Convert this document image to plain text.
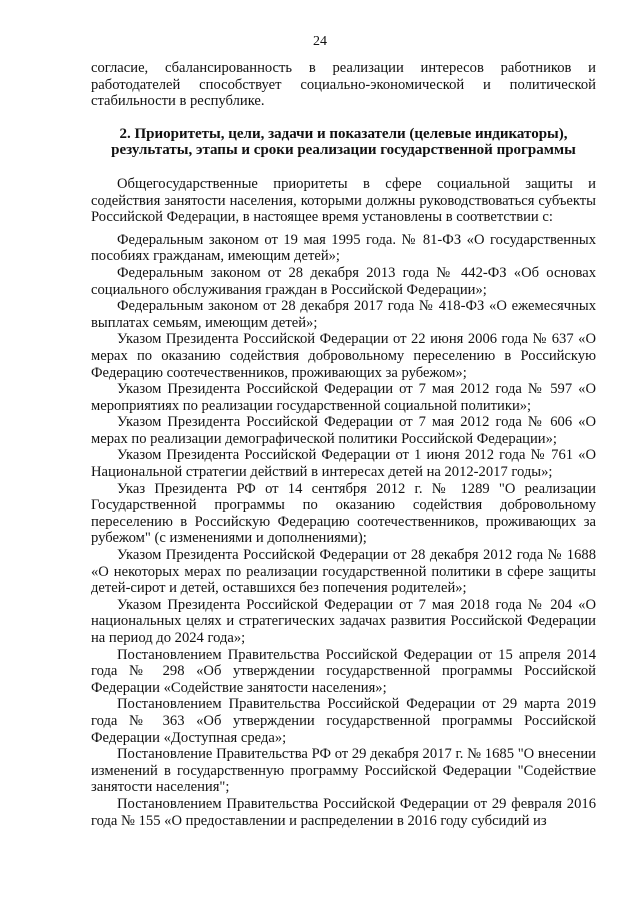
24

согласие, сбалансированность в реализации интересов работников и работодателей способствует социально-экономической и политической стабильности в республике.

2. Приоритеты, цели, задачи и показатели (целевые индикаторы),
результаты, этапы и сроки реализации государственной программы

Общегосударственные приоритеты в сфере социальной защиты и содействия занятости населения, которыми должны руководствоваться субъекты Российской Федерации, в настоящее время установлены в соответствии с:

Федеральным законом от 19 мая 1995 года. № 81-ФЗ «О государственных пособиях гражданам, имеющим детей»;

Федеральным законом от 28 декабря 2013 года № 442-ФЗ «Об основах социального обслуживания граждан в Российской Федерации»;

Федеральным законом от 28 декабря 2017 года № 418-ФЗ «О ежемесячных выплатах семьям, имеющим детей»;

Указом Президента Российской Федерации от 22 июня 2006 года № 637 «О мерах по оказанию содействия добровольному переселению в Российскую Федерацию соотечественников, проживающих за рубежом»;

Указом Президента Российской Федерации от 7 мая 2012 года № 597 «О мероприятиях по реализации государственной социальной политики»;

Указом Президента Российской Федерации от 7 мая 2012 года № 606 «О мерах по реализации демографической политики Российской Федерации»;

Указом Президента Российской Федерации от 1 июня 2012 года № 761 «О Национальной стратегии действий в интересах детей на 2012-2017 годы»;

Указ Президента РФ от 14 сентября 2012 г. № 1289 "О реализации Государственной программы по оказанию содействия добровольному переселению в Российскую Федерацию соотечественников, проживающих за рубежом" (с изменениями и дополнениями);

Указом Президента Российской Федерации от 28 декабря 2012 года № 1688 «О некоторых мерах по реализации государственной политики в сфере защиты детей-сирот и детей, оставшихся без попечения родителей»;

Указом Президента Российской Федерации от 7 мая 2018 года № 204 «О национальных целях и стратегических задачах развития Российской Федерации на период до 2024 года»;

Постановлением Правительства Российской Федерации от 15 апреля 2014 года № 298 «Об утверждении государственной программы Российской Федерации «Содействие занятости населения»;

Постановлением Правительства Российской Федерации от 29 марта 2019 года № 363 «Об утверждении государственной программы Российской Федерации «Доступная среда»;

Постановление Правительства РФ от 29 декабря 2017 г. № 1685 "О внесении изменений в государственную программу Российской Федерации "Содействие занятости населения";

Постановлением Правительства Российской Федерации от 29 февраля 2016 года № 155 «О предоставлении и распределении в 2016 году субсидий из
